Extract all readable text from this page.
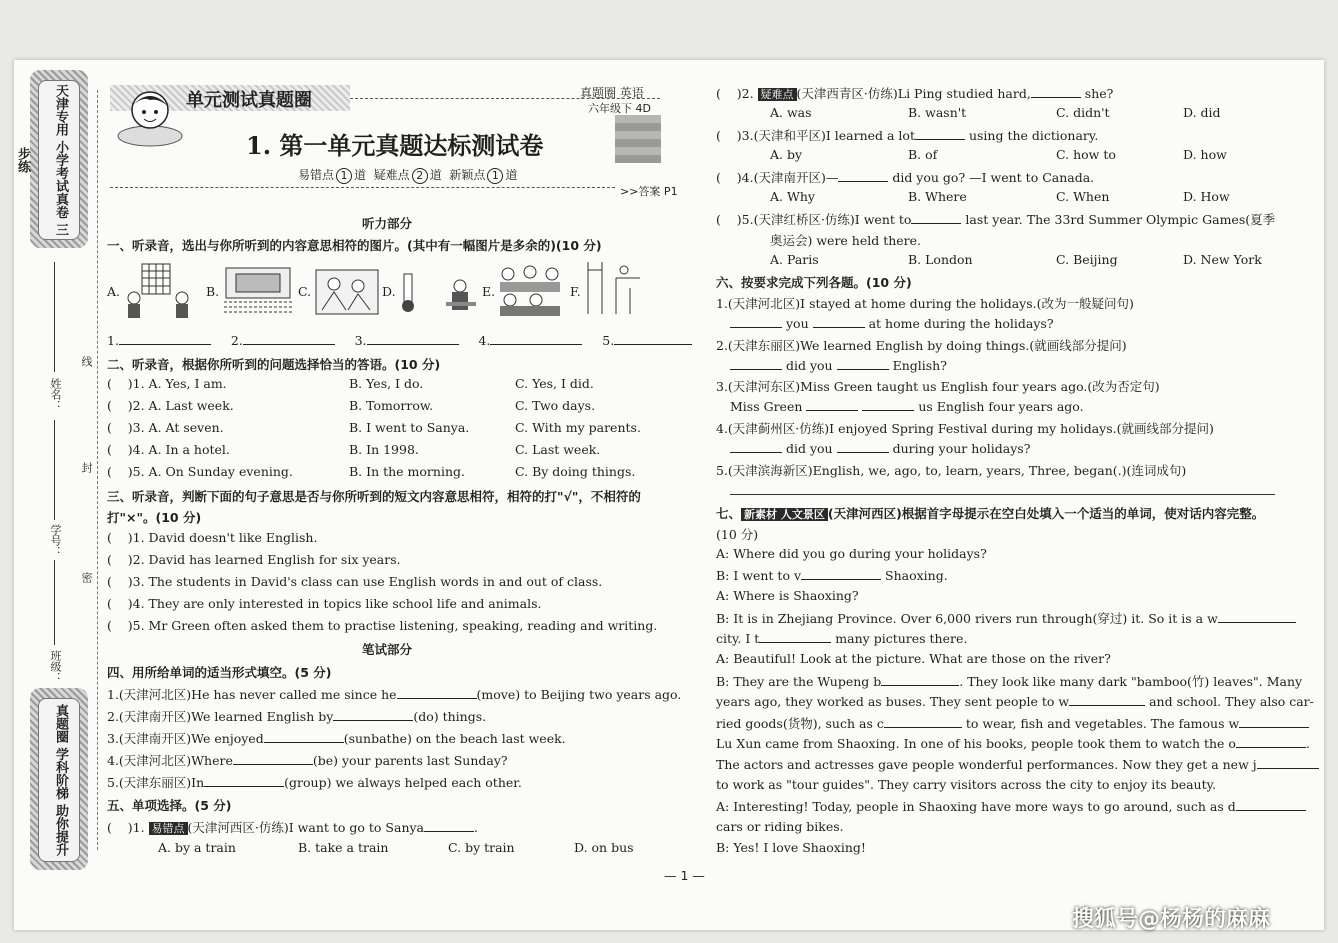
天津专用 小学考试真卷 三步练
真题圈 学科阶梯 助你提升
姓名：
学号：
班级：
线
封
密
单元测试真题圈	真题圈 英语
六年级下 4D
1. 第一单元真题达标测试卷
易错点 1 道 疑难点 2 道 新颖点 1 道
>>答案 P1
听力部分
一、听录音，选出与你所听到的内容意思相符的图片。(其中有一幅图片是多余的)(10 分)
A.	B.	C.	D.	E.	F.
1.	2.	3.	4.	5.
二、听录音，根据你所听到的问题选择恰当的答语。(10 分)
(    )1. A. Yes, I am.	B. Yes, I do.	C. Yes, I did.
(    )2. A. Last week.	B. Tomorrow.	C. Two days.
(    )3. A. At seven.	B. I went to Sanya.	C. With my parents.
(    )4. A. In a hotel.	B. In 1998.	C. Last week.
(    )5. A. On Sunday evening.	B. In the morning.	C. By doing things.
三、听录音，判断下面的句子意思是否与你所听到的短文内容意思相符，相符的打"√"，不相符的
打"×"。(10 分)
(    )1. David doesn't like English.
(    )2. David has learned English for six years.
(    )3. The students in David's class can use English words in and out of class.
(    )4. They are only interested in topics like school life and animals.
(    )5. Mr Green often asked them to practise listening, speaking, reading and writing.
笔试部分
四、用所给单词的适当形式填空。(5 分)
1.(天津河北区)He has never called me since he	(move) to Beijing two years ago.
2.(天津南开区)We learned English by	(do) things.
3.(天津南开区)We enjoyed	(sunbathe) on the beach last week.
4.(天津河北区)Where	(be) your parents last Sunday?
5.(天津东丽区)In	(group) we always helped each other.
五、单项选择。(5 分)
(    )1. 易错点 (天津河西区·仿练)I want to go to Sanya	.
A. by a train	B. take a train	C. by train	D. on bus
(    )2. 疑难点 (天津西青区·仿练)Li Ping studied hard,	she?
A. was	B. wasn't	C. didn't	D. did
(    )3.(天津和平区)I learned a lot	using the dictionary.
A. by	B. of	C. how to	D. how
(    )4.(天津南开区)—	did you go? —I went to Canada.
A. Why	B. Where	C. When	D. How
(    )5.(天津红桥区·仿练)I went to	last year. The 33rd Summer Olympic Games(夏季
奥运会) were held there.
A. Paris	B. London	C. Beijing	D. New York
六、按要求完成下列各题。(10 分)
1.(天津河北区)I stayed at home during the holidays.(改为一般疑问句)
you	at home during the holidays?
2.(天津东丽区)We learned English by doing things.(就画线部分提问)
did you	English?
3.(天津河东区)Miss Green taught us English four years ago.(改为否定句)
Miss Green	us English four years ago.
4.(天津蓟州区·仿练)I enjoyed Spring Festival during my holidays.(就画线部分提问)
did you	during your holidays?
5.(天津滨海新区)English, we, ago, to, learn, years, Three, began(.)(连词成句)
七、 新素材 人文景区 (天津河西区)根据首字母提示在空白处填入一个适当的单词，使对话内容完整。
(10 分)
A: Where did you go during your holidays?
B: I went to v	Shaoxing.
A: Where is Shaoxing?
B: It is in Zhejiang Province. Over 6,000 rivers run through(穿过) it. So it is a w
city. I t	many pictures there.
A: Beautiful! Look at the picture. What are those on the river?
B: They are the Wupeng b	. They look like many dark "bamboo(竹) leaves". Many
years ago, they worked as buses. They sent people to w	and school. They also car-
ried goods(货物), such as c	to wear, fish and vegetables. The famous w
Lu Xun came from Shaoxing. In one of his books, people took them to watch the o	.
The actors and actresses gave people wonderful performances. Now they get a new j
to work as "tour guides". They carry visitors across the city to enjoy its beauty.
A: Interesting! Today, people in Shaoxing have more ways to go around, such as d
cars or riding bikes.
B: Yes! I love Shaoxing!
— 1 —
搜狐号@杨杨的麻麻
